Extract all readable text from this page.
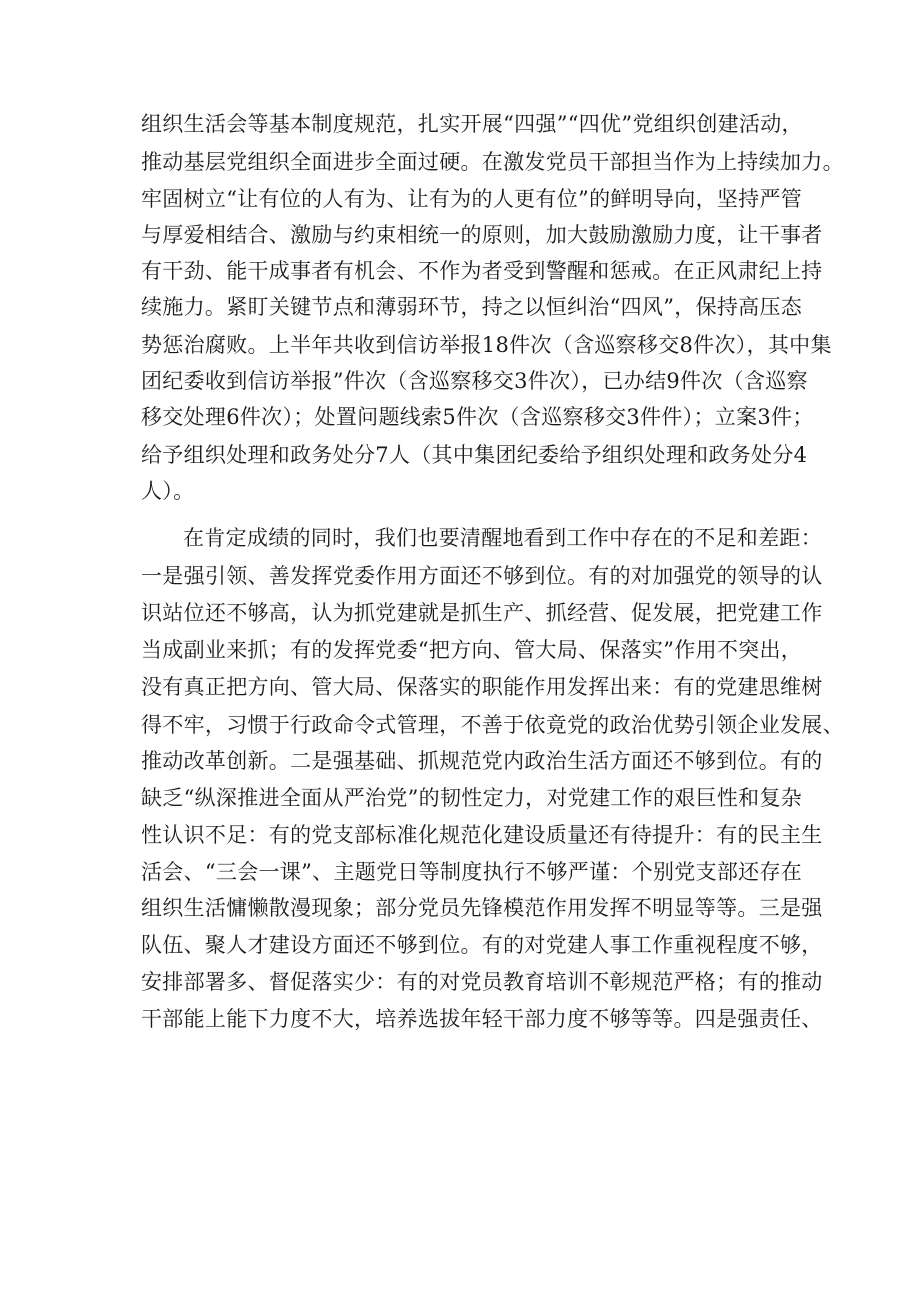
组织生活会等基本制度规范，扎实开展“四强”“四优”党组织创建活动，

推动基层党组织全面进步全面过硬。在激发党员干部担当作为上持续加力。

牢固树立“让有位的人有为、让有为的人更有位”的鲜明导向，坚持严管

与厚爱相结合、激励与约束相统一的原则，加大鼓励激励力度，让干事者

有干劲、能干成事者有机会、不作为者受到警醒和惩戒。在正风肃纪上持

续施力。紧盯关键节点和薄弱环节，持之以恒纠治“四风”，保持高压态

势惩治腐败。上半年共收到信访举报18件次（含巡察移交8件次），其中集

团纪委收到信访举报”件次（含巡察移交3件次），已办结9件次（含巡察

移交处理6件次）；处置问题线索5件次（含巡察移交3件件）；立案3件；

给予组织处理和政务处分7人（其中集团纪委给予组织处理和政务处分4

人）。

在肯定成绩的同时，我们也要清醒地看到工作中存在的不足和差距：

一是强引领、善发挥党委作用方面还不够到位。有的对加强党的领导的认

识站位还不够高，认为抓党建就是抓生产、抓经营、促发展，把党建工作

当成副业来抓；有的发挥党委“把方向、管大局、保落实”作用不突出，

没有真正把方向、管大局、保落实的职能作用发挥出来：有的党建思维树

得不牢，习惯于行政命令式管理，不善于依竟党的政治优势引领企业发展、

推动改革创新。二是强基础、抓规范党内政治生活方面还不够到位。有的

缺乏“纵深推进全面从严治党”的韧性定力，对党建工作的艰巨性和复杂

性认识不足：有的党支部标准化规范化建设质量还有待提升：有的民主生

活会、“三会一课”、主题党日等制度执行不够严谨：个别党支部还存在

组织生活慵懒散漫现象；部分党员先锋模范作用发挥不明显等等。三是强

队伍、聚人才建设方面还不够到位。有的对党建人事工作重视程度不够，

安排部署多、督促落实少：有的对党员教育培训不彰规范严格；有的推动

干部能上能下力度不大，培养选拔年轻干部力度不够等等。四是强责任、
